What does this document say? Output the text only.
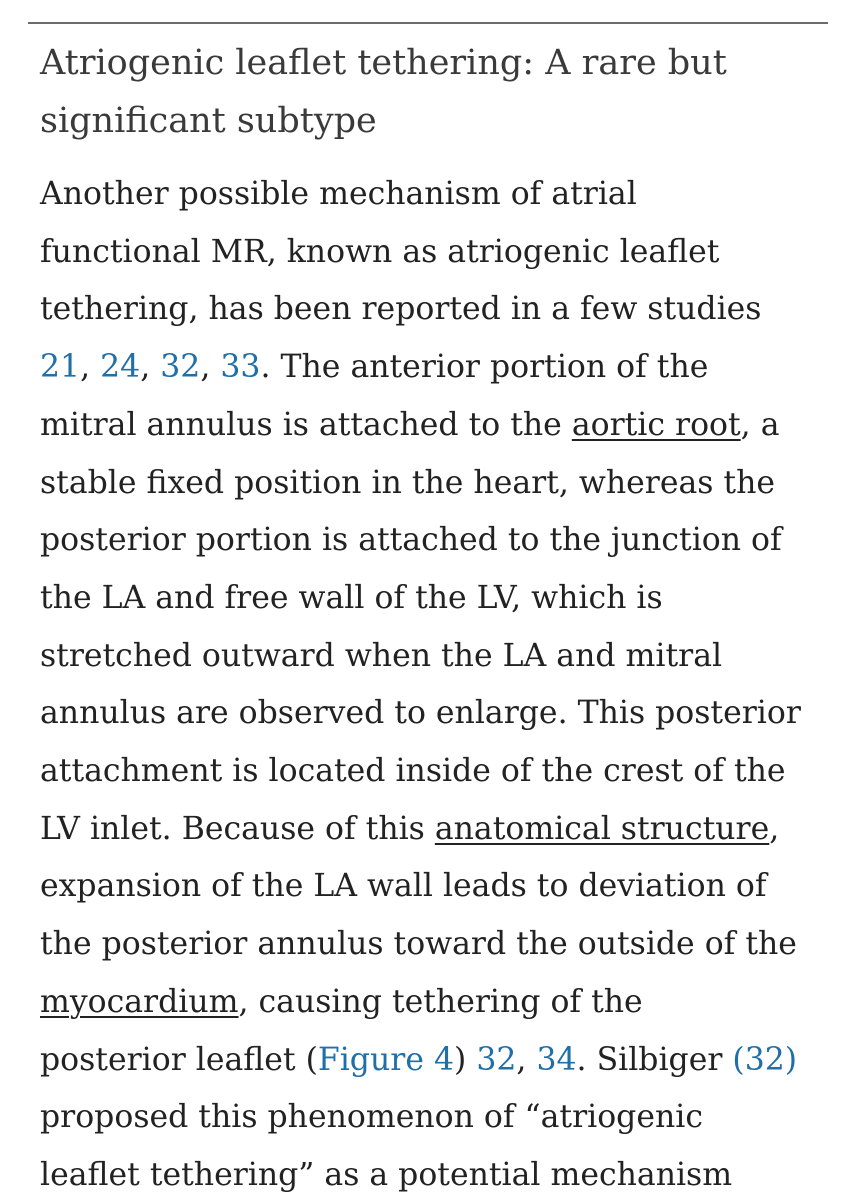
Atriogenic leaflet tethering: A rare but
significant subtype

Another possible mechanism of atrial
functional MR, known as atriogenic leaflet
tethering, has been reported in a few studies
21, 24, 32, 33. The anterior portion of the
mitral annulus is attached to the aortic root, a
stable fixed position in the heart, whereas the
posterior portion is attached to the junction of
the LA and free wall of the LV, which is
stretched outward when the LA and mitral
annulus are observed to enlarge. This posterior
attachment is located inside of the crest of the
LV inlet. Because of this anatomical structure,
expansion of the LA wall leads to deviation of
the posterior annulus toward the outside of the
myocardium, causing tethering of the
posterior leaflet (Figure 4) 32, 34. Silbiger (32)
proposed this phenomenon of “atriogenic
leaflet tethering” as a potential mechanism
